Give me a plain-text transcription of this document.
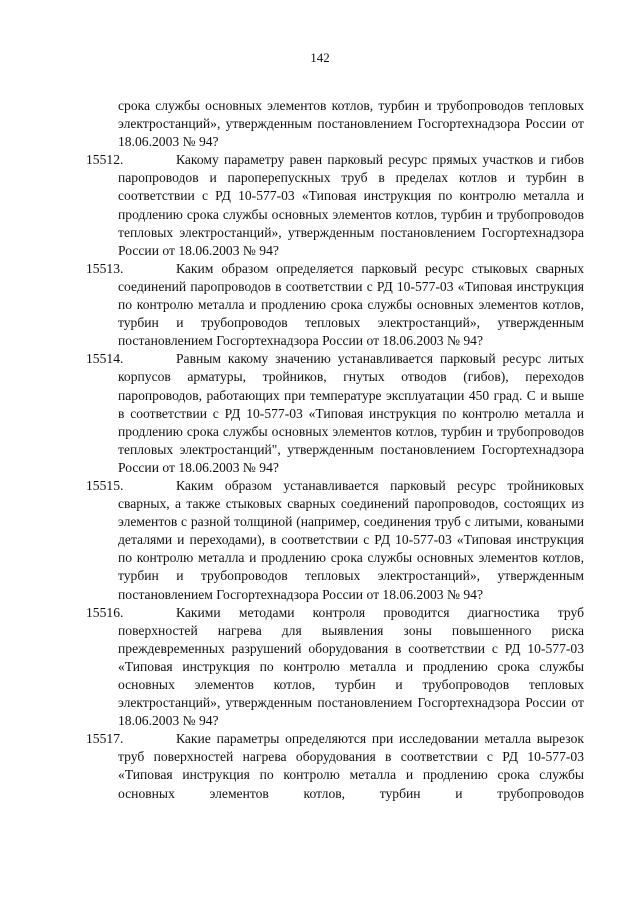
142

срока службы основных элементов котлов, турбин и трубопроводов тепловых электростанций», утвержденным постановлением Госгортехнадзора России от 18.06.2003 № 94?

15512.	Какому параметру равен парковый ресурс прямых участков и гибов паропроводов и пароперепускных труб в пределах котлов и турбин в соответствии с РД 10-577-03 «Типовая инструкция по контролю металла и продлению срока службы основных элементов котлов, турбин и трубопроводов тепловых электростанций», утвержденным постановлением Госгортехнадзора России от 18.06.2003 № 94?

15513.	Каким образом определяется парковый ресурс стыковых сварных соединений паропроводов в соответствии с РД 10-577-03 «Типовая инструкция по контролю металла и продлению срока службы основных элементов котлов, турбин и трубопроводов тепловых электростанций», утвержденным постановлением Госгортехнадзора России от 18.06.2003 № 94?

15514.	Равным какому значению устанавливается парковый ресурс литых корпусов арматуры, тройников, гнутых отводов (гибов), переходов паропроводов, работающих при температуре эксплуатации 450 град. С и выше в соответствии с РД 10-577-03 «Типовая инструкция по контролю металла и продлению срока службы основных элементов котлов, турбин и трубопроводов тепловых электростанций", утвержденным постановлением Госгортехнадзора России от 18.06.2003 № 94?

15515.	Каким образом устанавливается парковый ресурс тройниковых сварных, а также стыковых сварных соединений паропроводов, состоящих из элементов с разной толщиной (например, соединения труб с литыми, коваными деталями и переходами), в соответствии с РД 10-577-03 «Типовая инструкция по контролю металла и продлению срока службы основных элементов котлов, турбин и трубопроводов тепловых электростанций», утвержденным постановлением Госгортехнадзора России от 18.06.2003 № 94?

15516.	Какими методами контроля проводится диагностика труб поверхностей нагрева для выявления зоны повышенного риска преждевременных разрушений оборудования в соответствии с РД 10-577-03 «Типовая инструкция по контролю металла и продлению срока службы основных элементов котлов, турбин и трубопроводов тепловых электростанций», утвержденным постановлением Госгортехнадзора России от 18.06.2003 № 94?

15517.	Какие параметры определяются при исследовании металла вырезок труб поверхностей нагрева оборудования в соответствии с РД 10-577-03 «Типовая инструкция по контролю металла и продлению срока службы основных элементов котлов, турбин и трубопроводов
